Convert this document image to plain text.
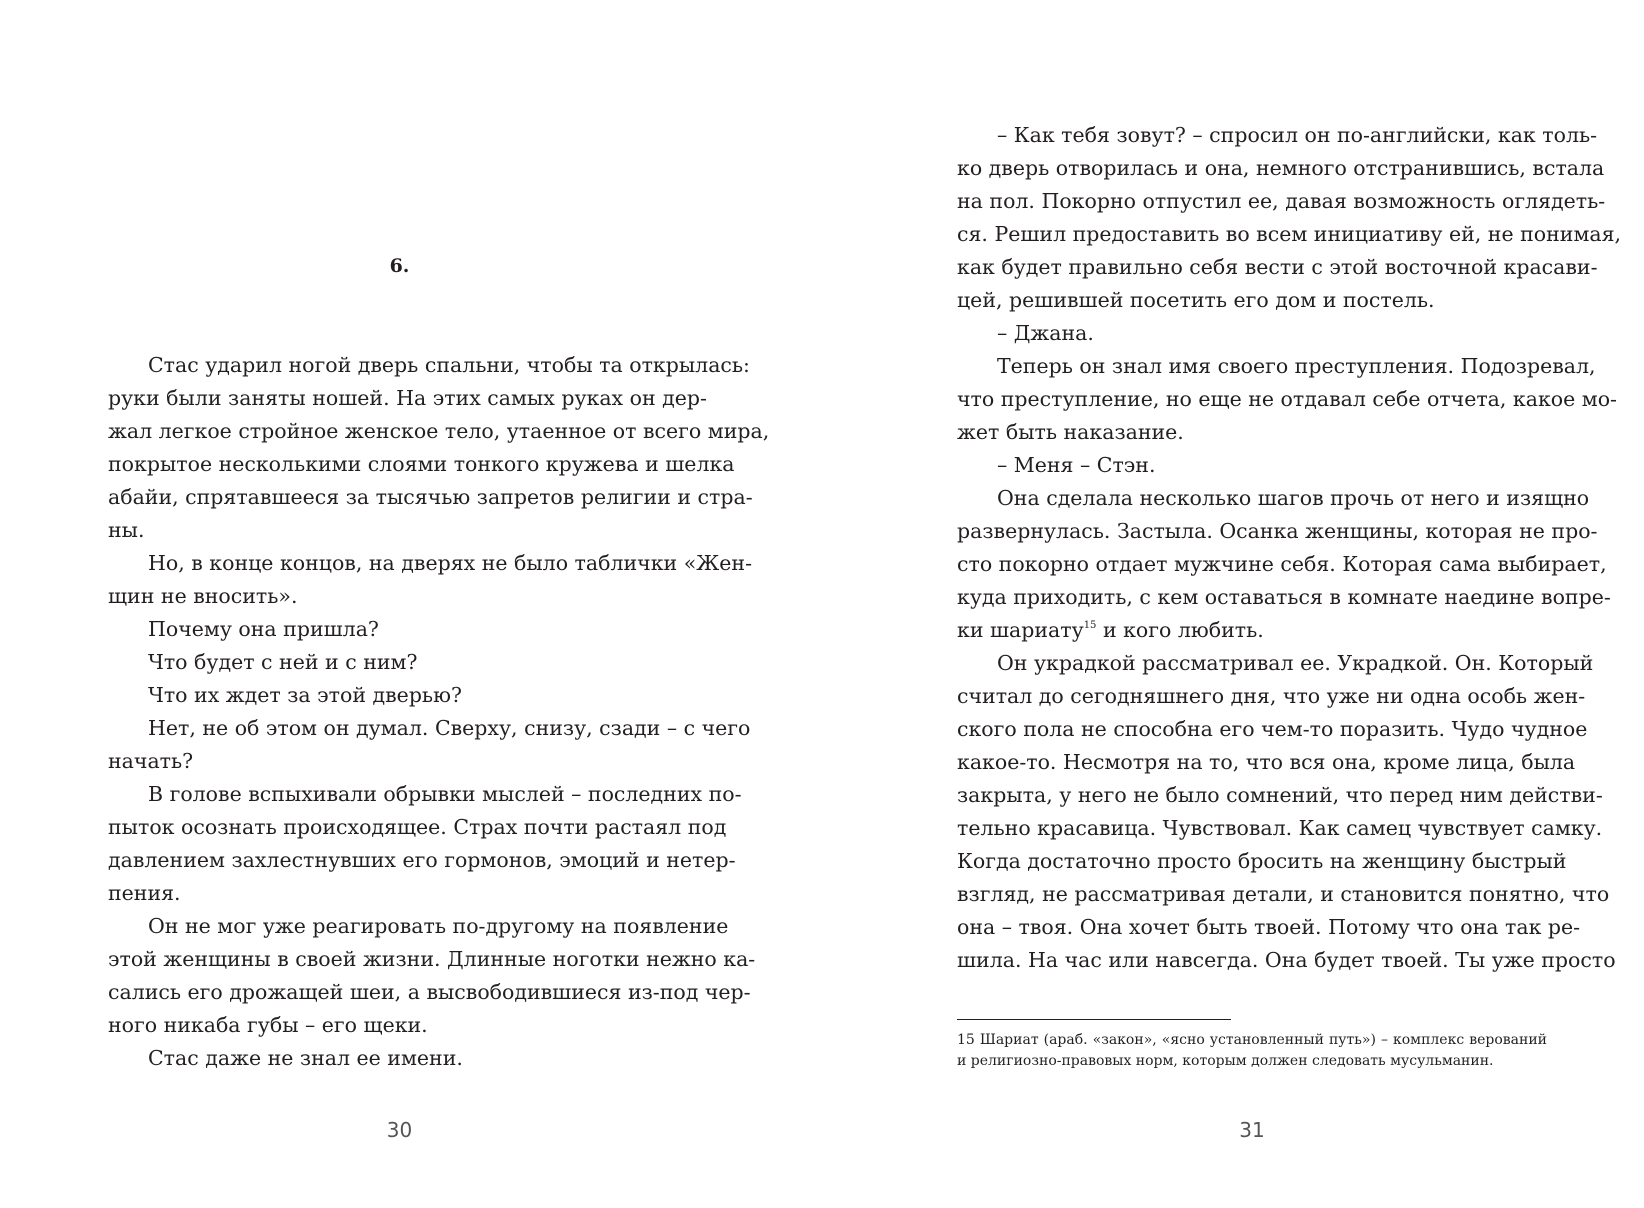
6.
Стас ударил ногой дверь спальни, чтобы та открылась:
руки были заняты ношей. На этих самых руках он дер-
жал легкое стройное женское тело, утаенное от всего мира,
покрытое несколькими слоями тонкого кружева и шелка
абайи, спрятавшееся за тысячью запретов религии и стра-
ны.
Но, в конце концов, на дверях не было таблички «Жен-
щин не вносить».
Почему она пришла?
Что будет с ней и с ним?
Что их ждет за этой дверью?
Нет, не об этом он думал. Сверху, снизу, сзади – с чего
начать?
В голове вспыхивали обрывки мыслей – последних по-
пыток осознать происходящее. Страх почти растаял под
давлением захлестнувших его гормонов, эмоций и нетер-
пения.
Он не мог уже реагировать по-другому на появление
этой женщины в своей жизни. Длинные ноготки нежно ка-
сались его дрожащей шеи, а высвободившиеся из-под чер-
ного никаба губы – его щеки.
Стас даже не знал ее имени.
30
– Как тебя зовут? – спросил он по-английски, как толь-
ко дверь отворилась и она, немного отстранившись, встала
на пол. Покорно отпустил ее, давая возможность оглядеть-
ся. Решил предоставить во всем инициативу ей, не понимая,
как будет правильно себя вести с этой восточной красави-
цей, решившей посетить его дом и постель.
– Джана.
Теперь он знал имя своего преступления. Подозревал,
что преступление, но еще не отдавал себе отчета, какое мо-
жет быть наказание.
– Меня – Стэн.
Она сделала несколько шагов прочь от него и изящно
развернулась. Застыла. Осанка женщины, которая не про-
сто покорно отдает мужчине себя. Которая сама выбирает,
куда приходить, с кем оставаться в комнате наедине вопре-
ки шариату$^{15}$ и кого любить.
Он украдкой рассматривал ее. Украдкой. Он. Который
считал до сегодняшнего дня, что уже ни одна особь жен-
ского пола не способна его чем-то поразить. Чудо чудное
какое-то. Несмотря на то, что вся она, кроме лица, была
закрыта, у него не было сомнений, что перед ним действи-
тельно красавица. Чувствовал. Как самец чувствует самку.
Когда достаточно просто бросить на женщину быстрый
взгляд, не рассматривая детали, и становится понятно, что
она – твоя. Она хочет быть твоей. Потому что она так ре-
шила. На час или навсегда. Она будет твоей. Ты уже просто
15 Шариат (араб. «закон», «ясно установленный путь») – комплекс верований
и религиозно-правовых норм, которым должен следовать мусульманин.
31
